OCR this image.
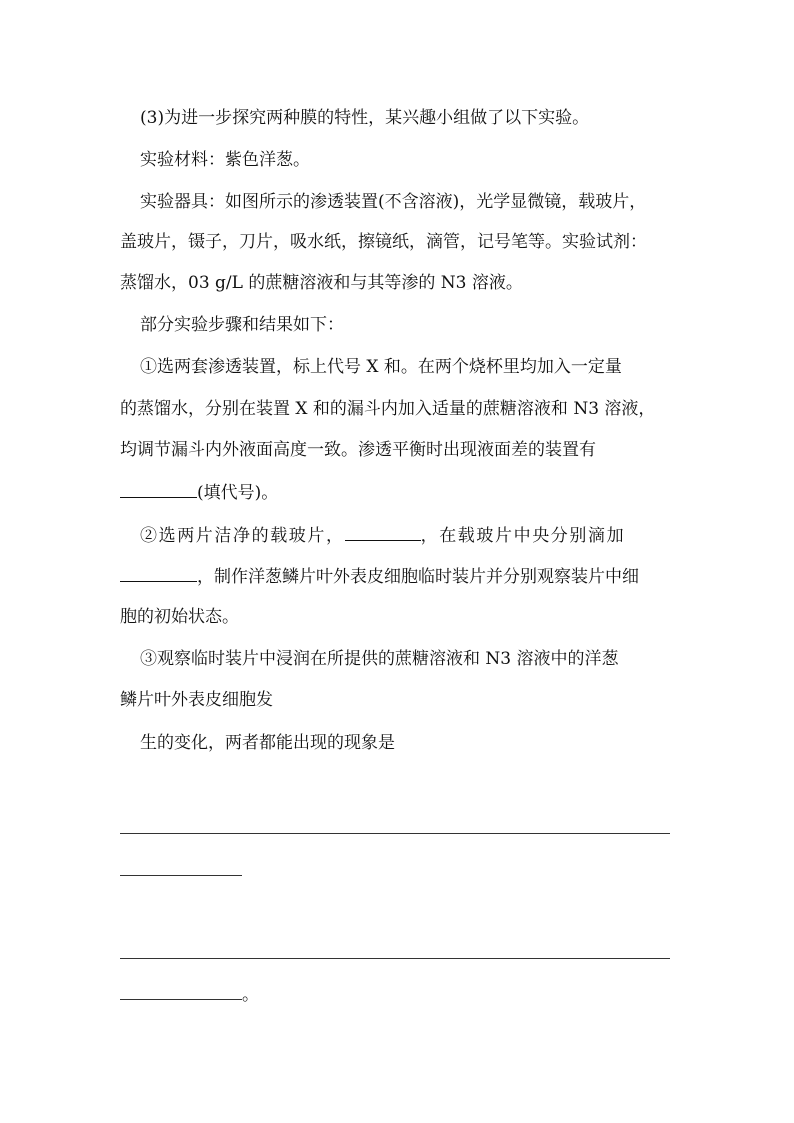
(3)为进一步探究两种膜的特性，某兴趣小组做了以下实验。
实验材料：紫色洋葱。
实验器具：如图所示的渗透装置(不含溶液)，光学显微镜，载玻片，
盖玻片，镊子，刀片，吸水纸，擦镜纸，滴管，记号笔等。实验试剂：
蒸馏水，03 g/L 的蔗糖溶液和与其等渗的 N3 溶液。
部分实验步骤和结果如下：
①选两套渗透装置，标上代号 X 和。在两个烧杯里均加入一定量
的蒸馏水，分别在装置 X 和的漏斗内加入适量的蔗糖溶液和 N3 溶液，
均调节漏斗内外液面高度一致。渗透平衡时出现液面差的装置有
(填代号)。
②选两片洁净的载玻片，	，在载玻片中央分别滴加
，制作洋葱鳞片叶外表皮细胞临时装片并分别观察装片中细
胞的初始状态。
③观察临时装片中浸润在所提供的蔗糖溶液和 N3 溶液中的洋葱
鳞片叶外表皮细胞发
生的变化，两者都能出现的现象是
。
